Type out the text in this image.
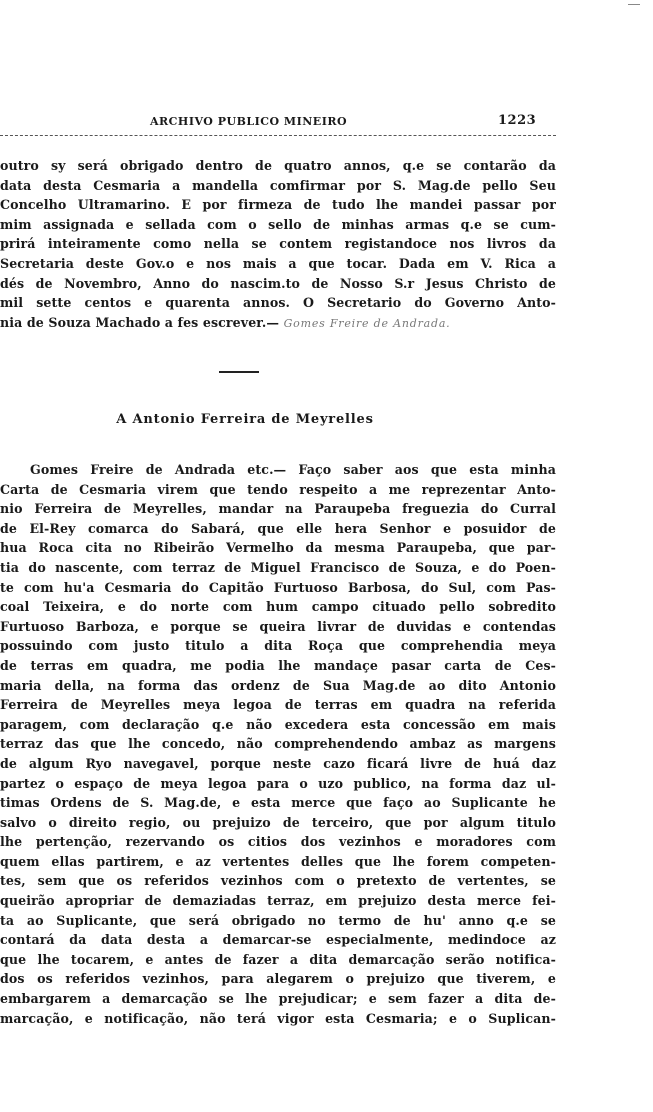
ARCHIVO PUBLICO MINEIRO	1223
outro sy será obrigado dentro de quatro annos, q.e se contarão da
data desta Cesmaria a mandella comfirmar por S. Mag.de pello Seu
Concelho Ultramarino. E por firmeza de tudo lhe mandei passar por
mim assignada e sellada com o sello de minhas armas q.e se cum-
prirá inteiramente como nella se contem registandoce nos livros da
Secretaria deste Gov.o e nos mais a que tocar. Dada em V. Rica a
dés de Novembro, Anno do nascim.to de Nosso S.r Jesus Christo de
mil sette centos e quarenta annos. O Secretario do Governo Anto-
nia de Souza Machado a fes escrever.— Gomes Freire de Andrada.
A Antonio Ferreira de Meyrelles
Gomes Freire de Andrada etc.— Faço saber aos que esta minha
Carta de Cesmaria virem que tendo respeito a me reprezentar Anto-
nio Ferreira de Meyrelles, mandar na Paraupeba freguezia do Curral
de El-Rey comarca do Sabará, que elle hera Senhor e posuidor de
hua Roca cita no Ribeirão Vermelho da mesma Paraupeba, que par-
tia do nascente, com terraz de Miguel Francisco de Souza, e do Poen-
te com hu'a Cesmaria do Capitão Furtuoso Barbosa, do Sul, com Pas-
coal Teixeira, e do norte com hum campo cituado pello sobredito
Furtuoso Barboza, e porque se queira livrar de duvidas e contendas
possuindo com justo titulo a dita Roça que comprehendia meya
de terras em quadra, me podia lhe mandaçe pasar carta de Ces-
maria della, na forma das ordenz de Sua Mag.de ao dito Antonio
Ferreira de Meyrelles meya legoa de terras em quadra na referida
paragem, com declaração q.e não excedera esta concessão em mais
terraz das que lhe concedo, não comprehendendo ambaz as margens
de algum Ryo navegavel, porque neste cazo ficará livre de huá daz
partez o espaço de meya legoa para o uzo publico, na forma daz ul-
timas Ordens de S. Mag.de, e esta merce que faço ao Suplicante he
salvo o direito regio, ou prejuizo de terceiro, que por algum titulo
lhe pertenção, rezervando os citios dos vezinhos e moradores com
quem ellas partirem, e az vertentes delles que lhe forem competen-
tes, sem que os referidos vezinhos com o pretexto de vertentes, se
queirão apropriar de demaziadas terraz, em prejuizo desta merce fei-
ta ao Suplicante, que será obrigado no termo de hu' anno q.e se
contará da data desta a demarcar-se especialmente, medindoce az
que lhe tocarem, e antes de fazer a dita demarcação serão notifica-
dos os referidos vezinhos, para alegarem o prejuizo que tiverem, e
embargarem a demarcação se lhe prejudicar; e sem fazer a dita de-
marcação, e notificação, não terá vigor esta Cesmaria; e o Suplican-
